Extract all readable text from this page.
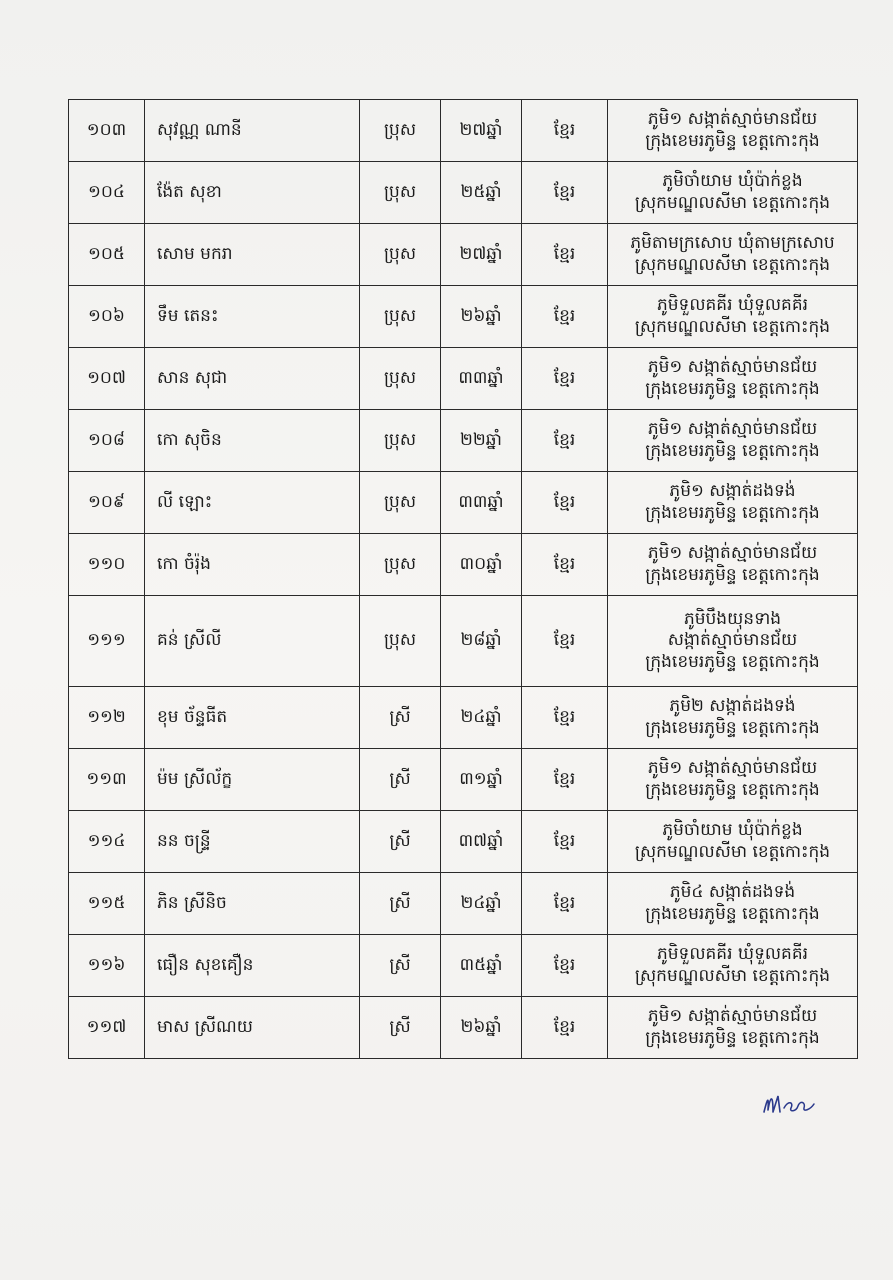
១០៣	សុវណ្ណ ណានី	ប្រុស	២៧ឆ្នាំ	ខ្មែរ	ភូមិ១ សង្កាត់ស្មាច់មានជ័យ
ក្រុងខេមរភូមិន្ទ ខេត្តកោះកុង

១០៤	ង៉ែត សុខា	ប្រុស	២៥ឆ្នាំ	ខ្មែរ	ភូមិចាំយាម ឃុំប៉ាក់ខ្លង
ស្រុកមណ្ឌលសីមា ខេត្តកោះកុង

១០៥	សោម មករា	ប្រុស	២៧ឆ្នាំ	ខ្មែរ	ភូមិតាមក្រសោប ឃុំតាមក្រសោប
ស្រុកមណ្ឌលសីមា ខេត្តកោះកុង

១០៦	ទឹម តេនះ	ប្រុស	២៦ឆ្នាំ	ខ្មែរ	ភូមិទួលគគីរ ឃុំទួលគគីរ
ស្រុកមណ្ឌលសីមា ខេត្តកោះកុង

១០៧	សាន សុជា	ប្រុស	៣៣ឆ្នាំ	ខ្មែរ	ភូមិ១ សង្កាត់ស្មាច់មានជ័យ
ក្រុងខេមរភូមិន្ទ ខេត្តកោះកុង

១០៨	កោ សុចិន	ប្រុស	២២ឆ្នាំ	ខ្មែរ	ភូមិ១ សង្កាត់ស្មាច់មានជ័យ
ក្រុងខេមរភូមិន្ទ ខេត្តកោះកុង

១០៩	លី ឡោះ	ប្រុស	៣៣ឆ្នាំ	ខ្មែរ	ភូមិ១ សង្កាត់ដងទង់
ក្រុងខេមរភូមិន្ទ ខេត្តកោះកុង

១១០	កោ ចំរ៉ុង	ប្រុស	៣០ឆ្នាំ	ខ្មែរ	ភូមិ១ សង្កាត់ស្មាច់មានជ័យ
ក្រុងខេមរភូមិន្ទ ខេត្តកោះកុង

១១១	គន់ ស្រីលី	ប្រុស	២៨ឆ្នាំ	ខ្មែរ	ភូមិបឹងយុនទាង
សង្កាត់ស្មាច់មានជ័យ
ក្រុងខេមរភូមិន្ទ ខេត្តកោះកុង

១១២	ខុម ច័ន្ទធីត	ស្រី	២៤ឆ្នាំ	ខ្មែរ	ភូមិ២ សង្កាត់ដងទង់
ក្រុងខេមរភូមិន្ទ ខេត្តកោះកុង

១១៣	ម៉ម ស្រីល័ក្ខ	ស្រី	៣១ឆ្នាំ	ខ្មែរ	ភូមិ១ សង្កាត់ស្មាច់មានជ័យ
ក្រុងខេមរភូមិន្ទ ខេត្តកោះកុង

១១៤	នន ចន្ទ្រី	ស្រី	៣៧ឆ្នាំ	ខ្មែរ	ភូមិចាំយាម ឃុំប៉ាក់ខ្លង
ស្រុកមណ្ឌលសីមា ខេត្តកោះកុង

១១៥	ភិន ស្រីនិច	ស្រី	២៤ឆ្នាំ	ខ្មែរ	ភូមិ៤ សង្កាត់ដងទង់
ក្រុងខេមរភូមិន្ទ ខេត្តកោះកុង

១១៦	ធឿន សុខគឿន	ស្រី	៣៥ឆ្នាំ	ខ្មែរ	ភូមិទួលគគីរ ឃុំទួលគគីរ
ស្រុកមណ្ឌលសីមា ខេត្តកោះកុង

១១៧	មាស ស្រីណយ	ស្រី	២៦ឆ្នាំ	ខ្មែរ	ភូមិ១ សង្កាត់ស្មាច់មានជ័យ
ក្រុងខេមរភូមិន្ទ ខេត្តកោះកុង
